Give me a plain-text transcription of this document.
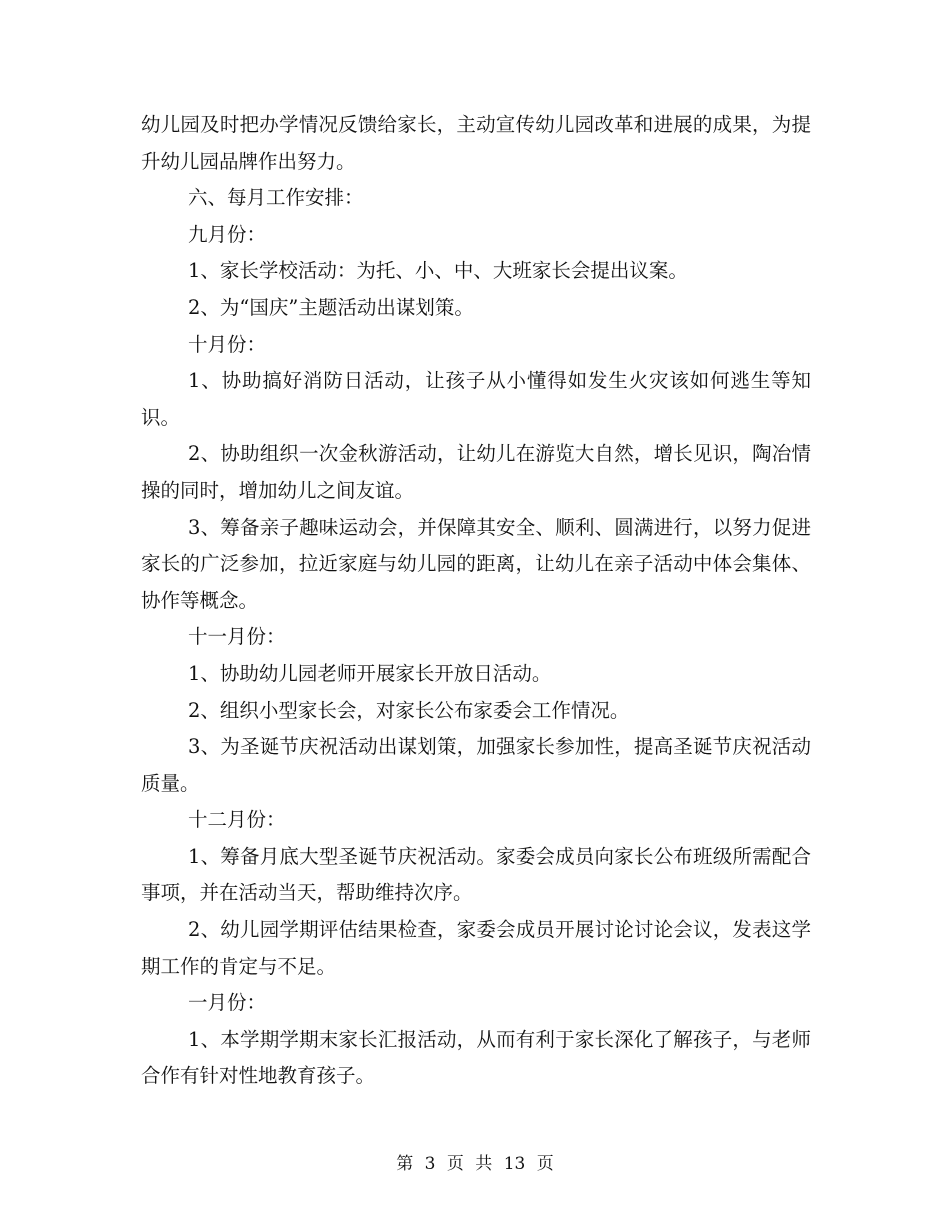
幼儿园及时把办学情况反馈给家长，主动宣传幼儿园改革和进展的成果，为提升幼儿园品牌作出努力。

六、每月工作安排：

九月份：

1、家长学校活动：为托、小、中、大班家长会提出议案。

2、为“国庆”主题活动出谋划策。

十月份：

1、协助搞好消防日活动，让孩子从小懂得如发生火灾该如何逃生等知识。

2、协助组织一次金秋游活动，让幼儿在游览大自然，增长见识，陶冶情操的同时，增加幼儿之间友谊。

3、筹备亲子趣味运动会，并保障其安全、顺利、圆满进行，以努力促进家长的广泛参加，拉近家庭与幼儿园的距离，让幼儿在亲子活动中体会集体、协作等概念。

十一月份：

1、协助幼儿园老师开展家长开放日活动。

2、组织小型家长会，对家长公布家委会工作情况。

3、为圣诞节庆祝活动出谋划策，加强家长参加性，提高圣诞节庆祝活动质量。

十二月份：

1、筹备月底大型圣诞节庆祝活动。家委会成员向家长公布班级所需配合事项，并在活动当天，帮助维持次序。

2、幼儿园学期评估结果检查，家委会成员开展讨论讨论会议，发表这学期工作的肯定与不足。

一月份：

1、本学期学期末家长汇报活动，从而有利于家长深化了解孩子，与老师合作有针对性地教育孩子。

第 3 页 共 13 页
